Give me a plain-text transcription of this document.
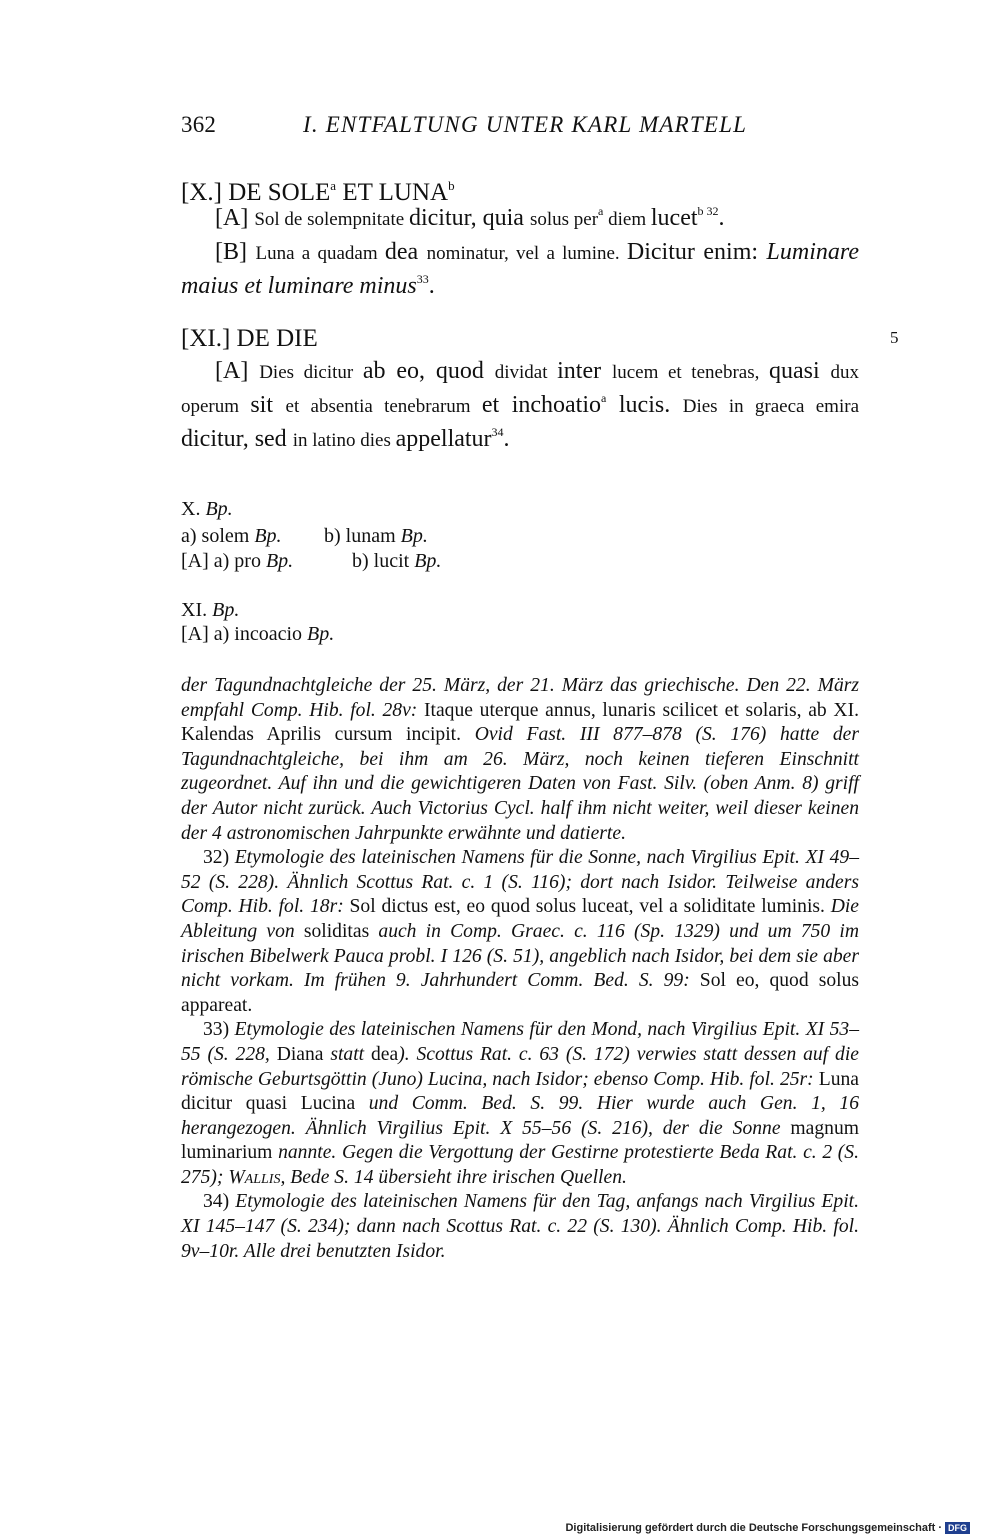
362	I. ENTFALTUNG UNTER KARL MARTELL
[X.] DE SOLE$^a$ ET LUNA$^b$

[A] Sol de solempnitate dicitur, quia solus per$^a$ diem lucet$^{b 32}$.

[B] Luna a quadam dea nominatur, vel a lumine. Dicitur enim: Luminare maius et luminare minus$^{33}$.

[XI.] DE DIE	5

[A] Dies dicitur ab eo, quod dividat inter lucem et tenebras, quasi dux operum sit et absentia tenebrarum et inchoatio$^a$ lucis. Dies in graeca emira dicitur, sed in latino dies appellatur$^{34}$.

X. Bp.
a) solem Bp. b) lunam Bp.
[A] a) pro Bp.	b) lucit Bp.
XI. Bp.
[A] a) incoacio Bp.

der Tagundnachtgleiche der 25. März, der 21. März das griechische. Den 22. März empfahl Comp. Hib. fol. 28v: Itaque uterque annus, lunaris scilicet et solaris, ab XI. Kalendas Aprilis cursum incipit. Ovid Fast. III 877–878 (S. 176) hatte der Tagundnachtgleiche, bei ihm am 26. März, noch keinen tieferen Einschnitt zugeordnet. Auf ihn und die gewichtigeren Daten von Fast. Silv. (oben Anm. 8) griff der Autor nicht zurück. Auch Victorius Cycl. half ihm nicht weiter, weil dieser keinen der 4 astronomischen Jahrpunkte erwähnte und datierte.

32) Etymologie des lateinischen Namens für die Sonne, nach Virgilius Epit. XI 49–52 (S. 228). Ähnlich Scottus Rat. c. 1 (S. 116); dort nach Isidor. Teilweise anders Comp. Hib. fol. 18r: Sol dictus est, eo quod solus luceat, vel a soliditate luminis. Die Ableitung von soliditas auch in Comp. Graec. c. 116 (Sp. 1329) und um 750 im irischen Bibelwerk Pauca probl. I 126 (S. 51), angeblich nach Isidor, bei dem sie aber nicht vorkam. Im frühen 9. Jahrhundert Comm. Bed. S. 99: Sol eo, quod solus appareat.

33) Etymologie des lateinischen Namens für den Mond, nach Virgilius Epit. XI 53–55 (S. 228, Diana statt dea). Scottus Rat. c. 63 (S. 172) verwies statt dessen auf die römische Geburtsgöttin (Juno) Lucina, nach Isidor; ebenso Comp. Hib. fol. 25r: Luna dicitur quasi Lucina und Comm. Bed. S. 99. Hier wurde auch Gen. 1, 16 herangezogen. Ähnlich Virgilius Epit. X 55–56 (S. 216), der die Sonne magnum luminarium nannte. Gegen die Vergottung der Gestirne protestierte Beda Rat. c. 2 (S. 275); Wallis, Bede S. 14 übersieht ihre irischen Quellen.

34) Etymologie des lateinischen Namens für den Tag, anfangs nach Virgilius Epit. XI 145–147 (S. 234); dann nach Scottus Rat. c. 22 (S. 130). Ähnlich Comp. Hib. fol. 9v–10r. Alle drei benutzten Isidor.

Digitalisierung gefördert durch die Deutsche Forschungsgemeinschaft · DFG
